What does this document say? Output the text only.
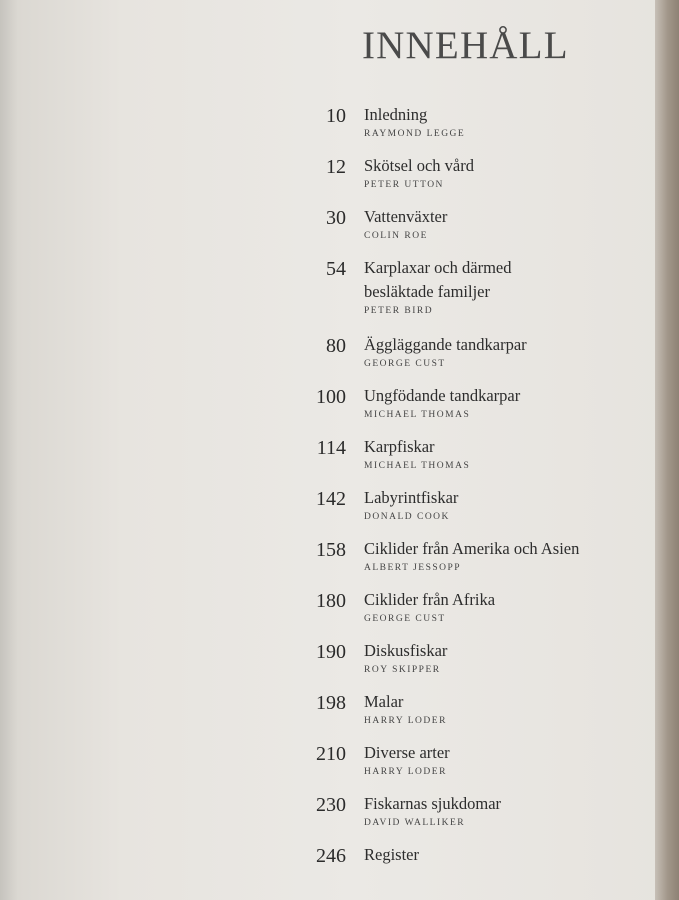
INNEHÅLL
10 Inledning
RAYMOND LEGGE
12 Skötsel och vård
PETER UTTON
30 Vattenväxter
COLIN ROE
54 Karplaxar och därmed
besläktade familjer
PETER BIRD
80 Äggläggande tandkarpar
GEORGE CUST
100 Ungfödande tandkarpar
MICHAEL THOMAS
114 Karpfiskar
MICHAEL THOMAS
142 Labyrintfiskar
DONALD COOK
158 Ciklider från Amerika och Asien
ALBERT JESSOPP
180 Ciklider från Afrika
GEORGE CUST
190 Diskusfiskar
ROY SKIPPER
198 Malar
HARRY LODER
210 Diverse arter
HARRY LODER
230 Fiskarnas sjukdomar
DAVID WALLIKER
246 Register
